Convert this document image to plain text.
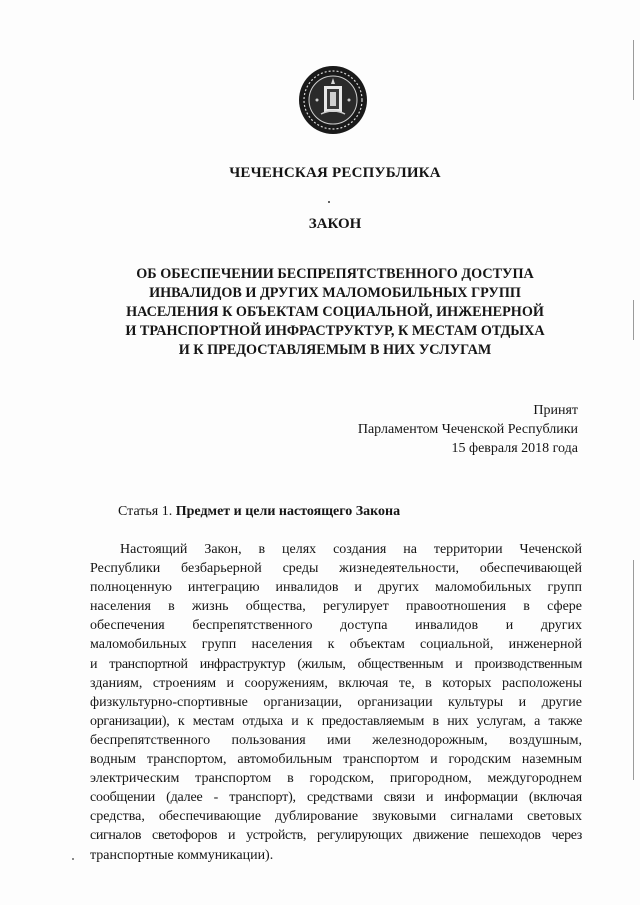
ЧЕЧЕНСКАЯ РЕСПУБЛИКА
ЗАКОН
ОБ ОБЕСПЕЧЕНИИ БЕСПРЕПЯТСТВЕННОГО ДОСТУПА
ИНВАЛИДОВ И ДРУГИХ МАЛОМОБИЛЬНЫХ ГРУПП
НАСЕЛЕНИЯ К ОБЪЕКТАМ СОЦИАЛЬНОЙ, ИНЖЕНЕРНОЙ
И ТРАНСПОРТНОЙ ИНФРАСТРУКТУР, К МЕСТАМ ОТДЫХА
И К ПРЕДОСТАВЛЯЕМЫМ В НИХ УСЛУГАМ
Принят
Парламентом Чеченской Республики
15 февраля 2018 года
Статья 1. Предмет и цели настоящего Закона
Настоящий Закон, в целях создания на территории Чеченской
Республики безбарьерной среды жизнедеятельности, обеспечивающей
полноценную интеграцию инвалидов и других маломобильных групп
населения в жизнь общества, регулирует правоотношения в сфере
обеспечения беспрепятственного доступа инвалидов и других
маломобильных групп населения к объектам социальной, инженерной
и транспортной инфраструктур (жилым, общественным и производственным
зданиям, строениям и сооружениям, включая те, в которых расположены
физкультурно-спортивные организации, организации культуры и другие
организации), к местам отдыха и к предоставляемым в них услугам, а также
беспрепятственного пользования ими железнодорожным, воздушным,
водным транспортом, автомобильным транспортом и городским наземным
электрическим транспортом в городском, пригородном, междугороднем
сообщении (далее - транспорт), средствами связи и информации (включая
средства, обеспечивающие дублирование звуковыми сигналами световых
сигналов светофоров и устройств, регулирующих движение пешеходов через
транспортные коммуникации).
